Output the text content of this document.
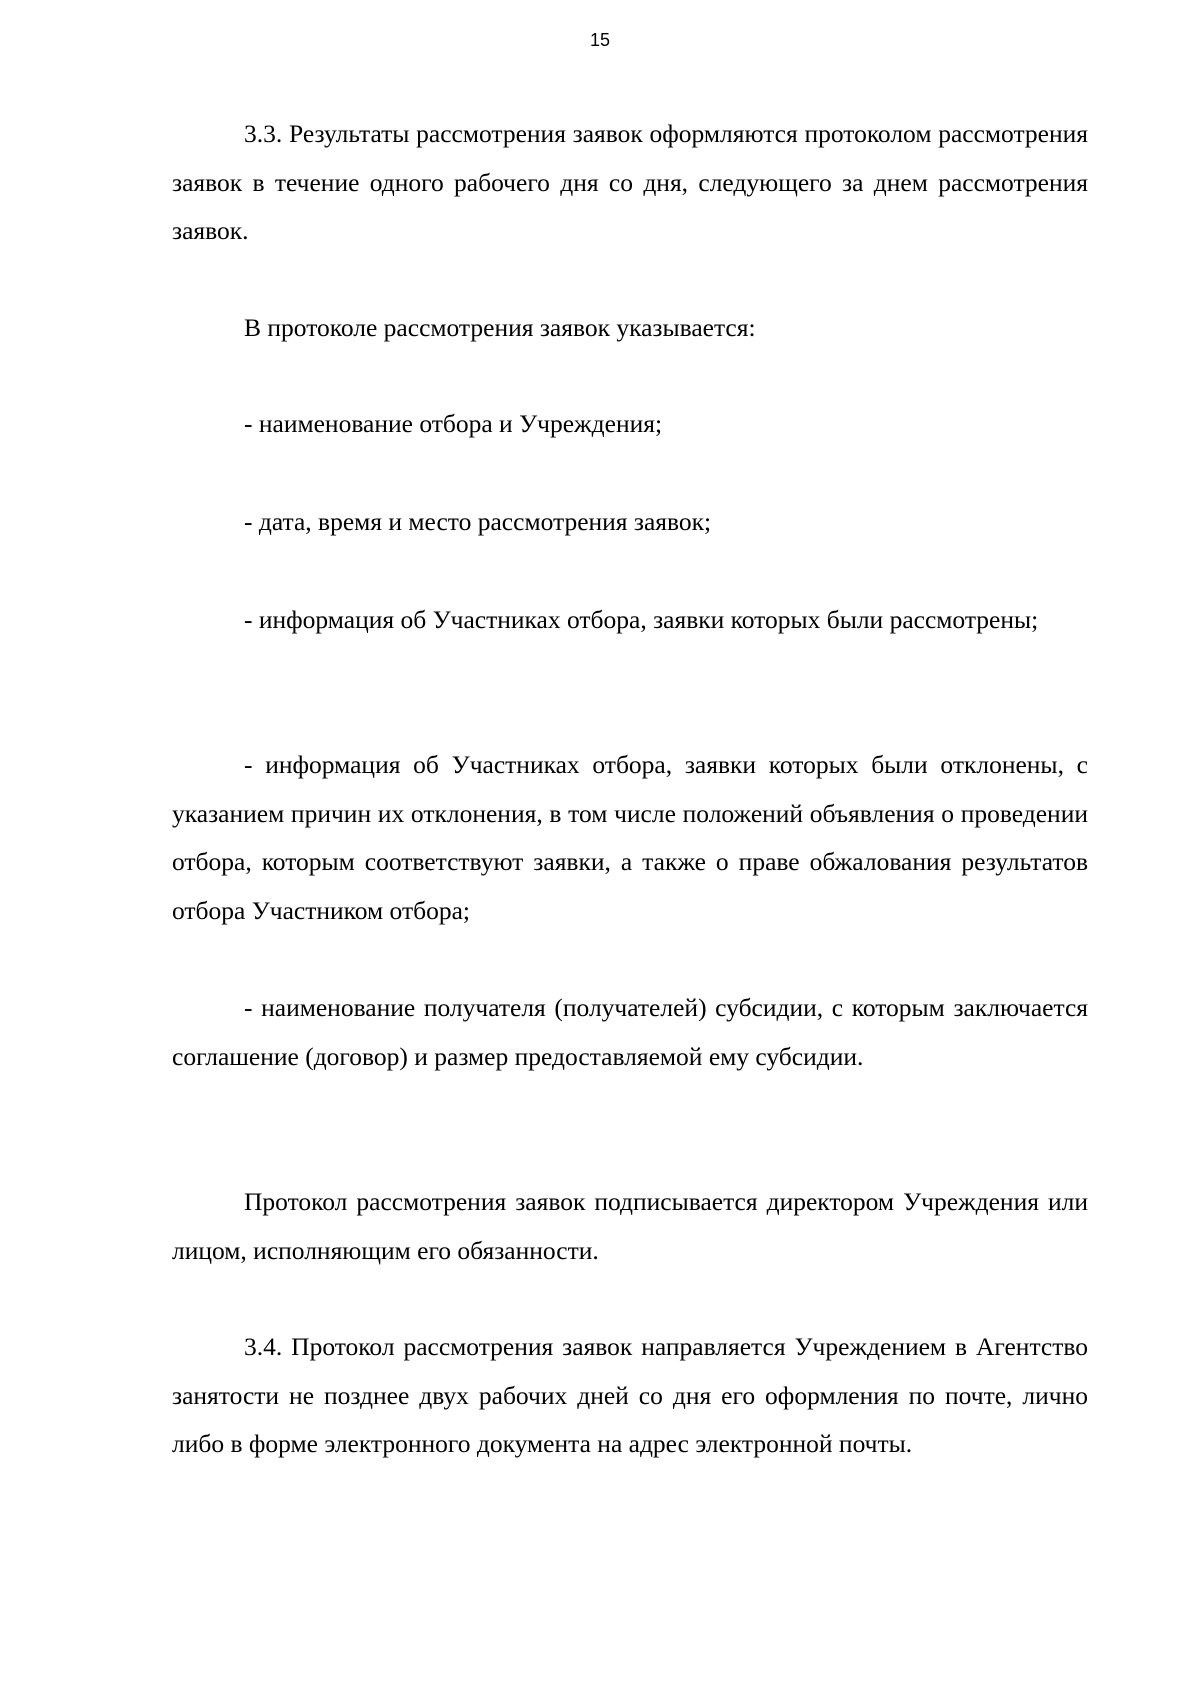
15

3.3. Результаты рассмотрения заявок оформляются протоколом рассмотрения заявок в течение одного рабочего дня со дня, следующего за днем рассмотрения заявок.

В протоколе рассмотрения заявок указывается:

- наименование отбора и Учреждения;

- дата, время и место рассмотрения заявок;

- информация об Участниках отбора, заявки которых были рассмотрены;

- информация об Участниках отбора, заявки которых были отклонены, с указанием причин их отклонения, в том числе положений объявления о проведении отбора, которым соответствуют заявки, а также о праве обжалования результатов отбора Участником отбора;

- наименование получателя (получателей) субсидии, с которым заключается соглашение (договор) и размер предоставляемой ему субсидии.

Протокол рассмотрения заявок подписывается директором Учреждения или лицом, исполняющим его обязанности.

3.4. Протокол рассмотрения заявок направляется Учреждением в Агентство занятости не позднее двух рабочих дней со дня его оформления по почте, лично либо в форме электронного документа на адрес электронной почты.
